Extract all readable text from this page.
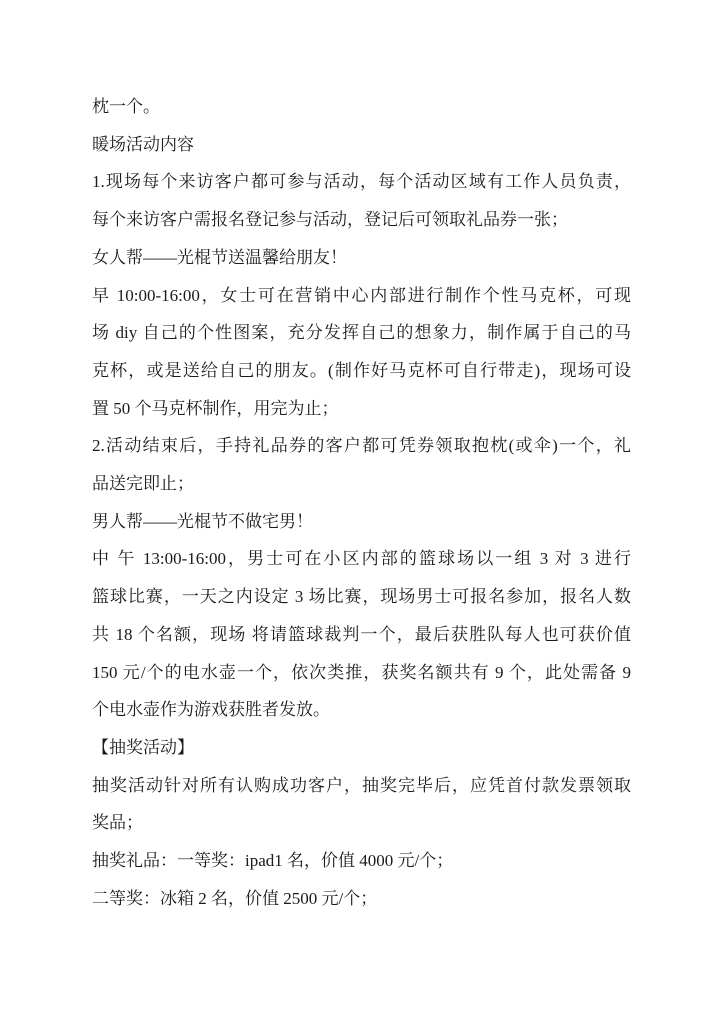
枕一个。
暖场活动内容
1.现场每个来访客户都可参与活动，每个活动区域有工作人员负责，
每个来访客户需报名登记参与活动，登记后可领取礼品券一张；
女人帮——光棍节送温馨给朋友！
早 10:00-16:00，女士可在营销中心内部进行制作个性马克杯，可现
场 diy 自己的个性图案，充分发挥自己的想象力，制作属于自己的马
克杯，或是送给自己的朋友。(制作好马克杯可自行带走)，现场可设
置 50 个马克杯制作，用完为止；
2.活动结束后，手持礼品券的客户都可凭券领取抱枕(或伞)一个，礼
品送完即止；
男人帮——光棍节不做宅男！
中 午 13:00-16:00，男士可在小区内部的篮球场以一组 3 对 3 进行
篮球比赛，一天之内设定 3 场比赛，现场男士可报名参加，报名人数
共 18 个名额，现场 将请篮球裁判一个，最后获胜队每人也可获价值
150 元/个的电水壶一个，依次类推，获奖名额共有 9 个，此处需备 9
个电水壶作为游戏获胜者发放。
【抽奖活动】
抽奖活动针对所有认购成功客户，抽奖完毕后，应凭首付款发票领取
奖品；
抽奖礼品：一等奖：ipad1 名，价值 4000 元/个；
二等奖：冰箱 2 名，价值 2500 元/个；
